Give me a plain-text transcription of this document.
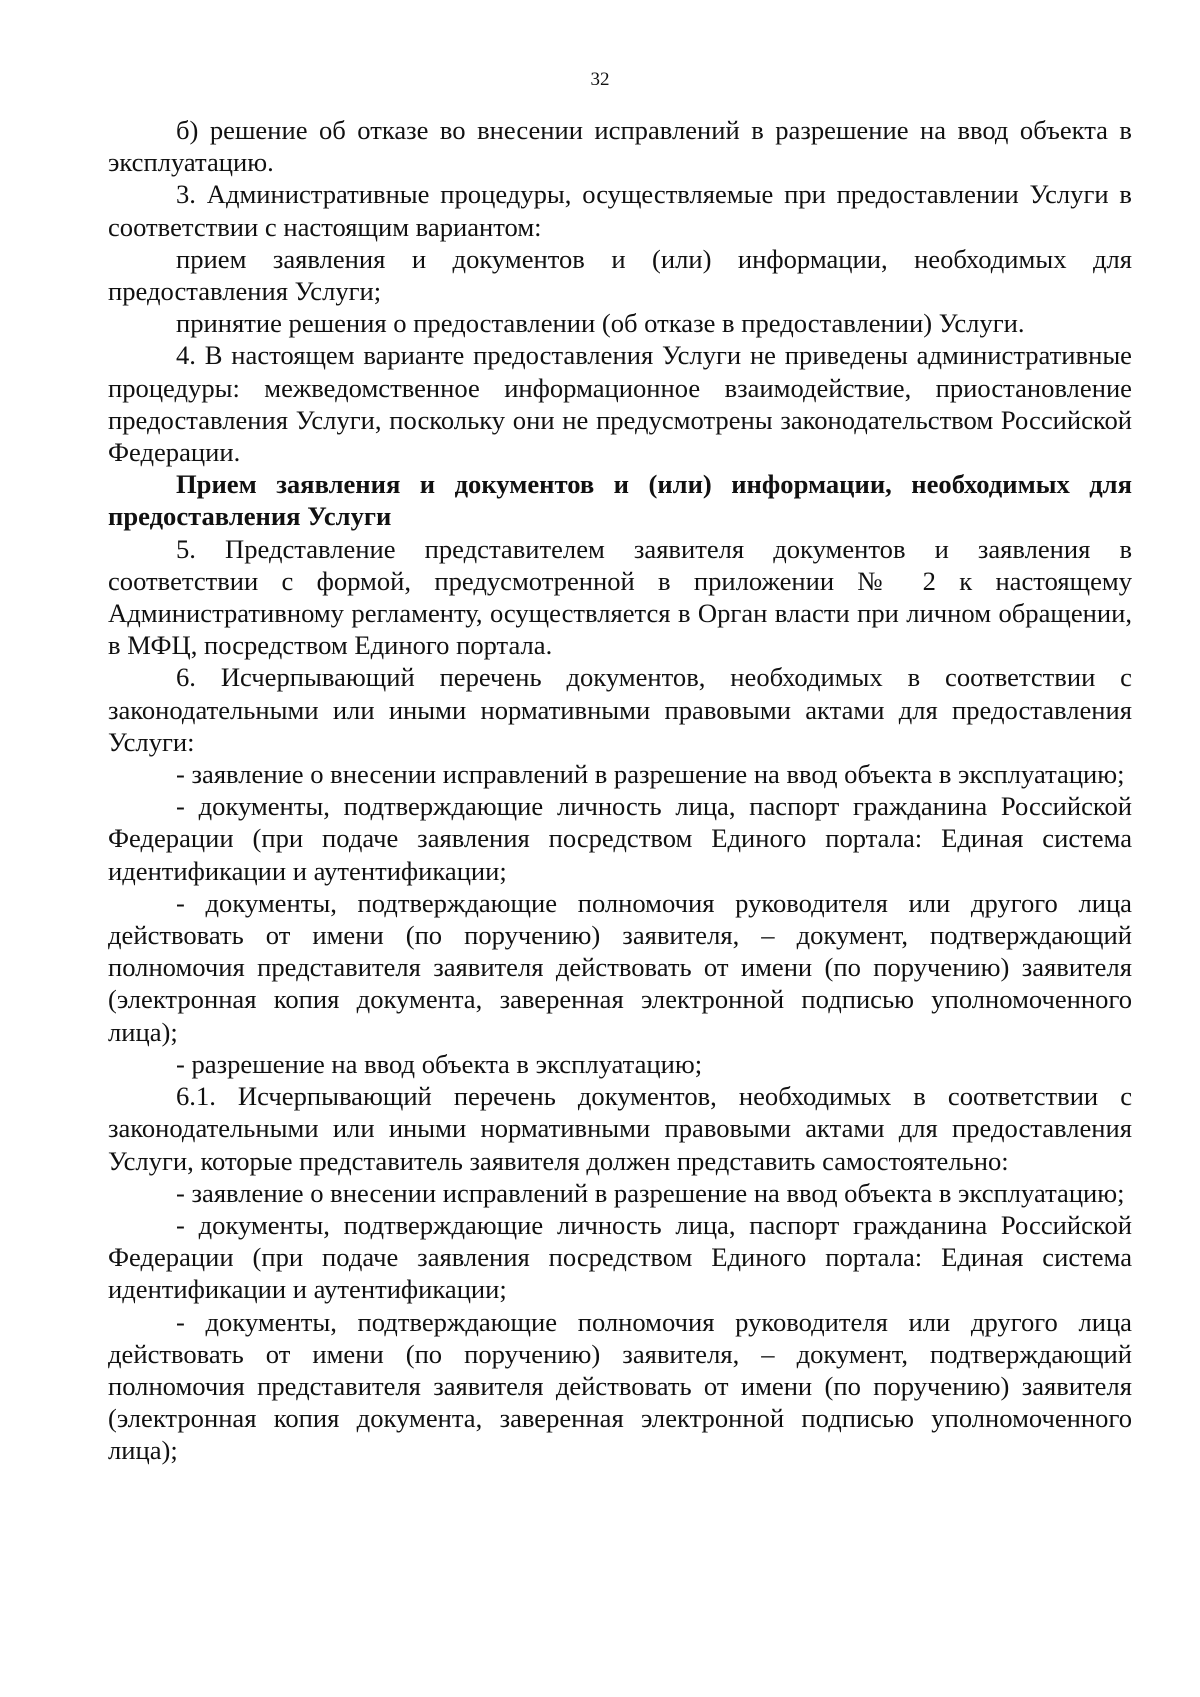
32

б) решение об отказе во внесении исправлений в разрешение на ввод объекта в эксплуатацию.

3. Административные процедуры, осуществляемые при предоставлении Услуги в соответствии с настоящим вариантом:

прием заявления и документов и (или) информации, необходимых для предоставления Услуги;

принятие решения о предоставлении (об отказе в предоставлении) Услуги.

4. В настоящем варианте предоставления Услуги не приведены административные процедуры: межведомственное информационное взаимодействие, приостановление предоставления Услуги, поскольку они не предусмотрены законодательством Российской Федерации.

Прием заявления и документов и (или) информации, необходимых для предоставления Услуги

5. Представление представителем заявителя документов и заявления в соответствии с формой, предусмотренной в приложении № 2 к настоящему Административному регламенту, осуществляется в Орган власти при личном обращении, в МФЦ, посредством Единого портала.

6. Исчерпывающий перечень документов, необходимых в соответствии с законодательными или иными нормативными правовыми актами для предоставления Услуги:

- заявление о внесении исправлений в разрешение на ввод объекта в эксплуатацию;

- документы, подтверждающие личность лица, паспорт гражданина Российской Федерации (при подаче заявления посредством Единого портала: Единая система идентификации и аутентификации;

- документы, подтверждающие полномочия руководителя или другого лица действовать от имени (по поручению) заявителя, – документ, подтверждающий полномочия представителя заявителя действовать от имени (по поручению) заявителя (электронная копия документа, заверенная электронной подписью уполномоченного лица);

- разрешение на ввод объекта в эксплуатацию;

6.1. Исчерпывающий перечень документов, необходимых в соответствии с законодательными или иными нормативными правовыми актами для предоставления Услуги, которые представитель заявителя должен представить самостоятельно:

- заявление о внесении исправлений в разрешение на ввод объекта в эксплуатацию;

- документы, подтверждающие личность лица, паспорт гражданина Российской Федерации (при подаче заявления посредством Единого портала: Единая система идентификации и аутентификации;

- документы, подтверждающие полномочия руководителя или другого лица действовать от имени (по поручению) заявителя, – документ, подтверждающий полномочия представителя заявителя действовать от имени (по поручению) заявителя (электронная копия документа, заверенная электронной подписью уполномоченного лица);
